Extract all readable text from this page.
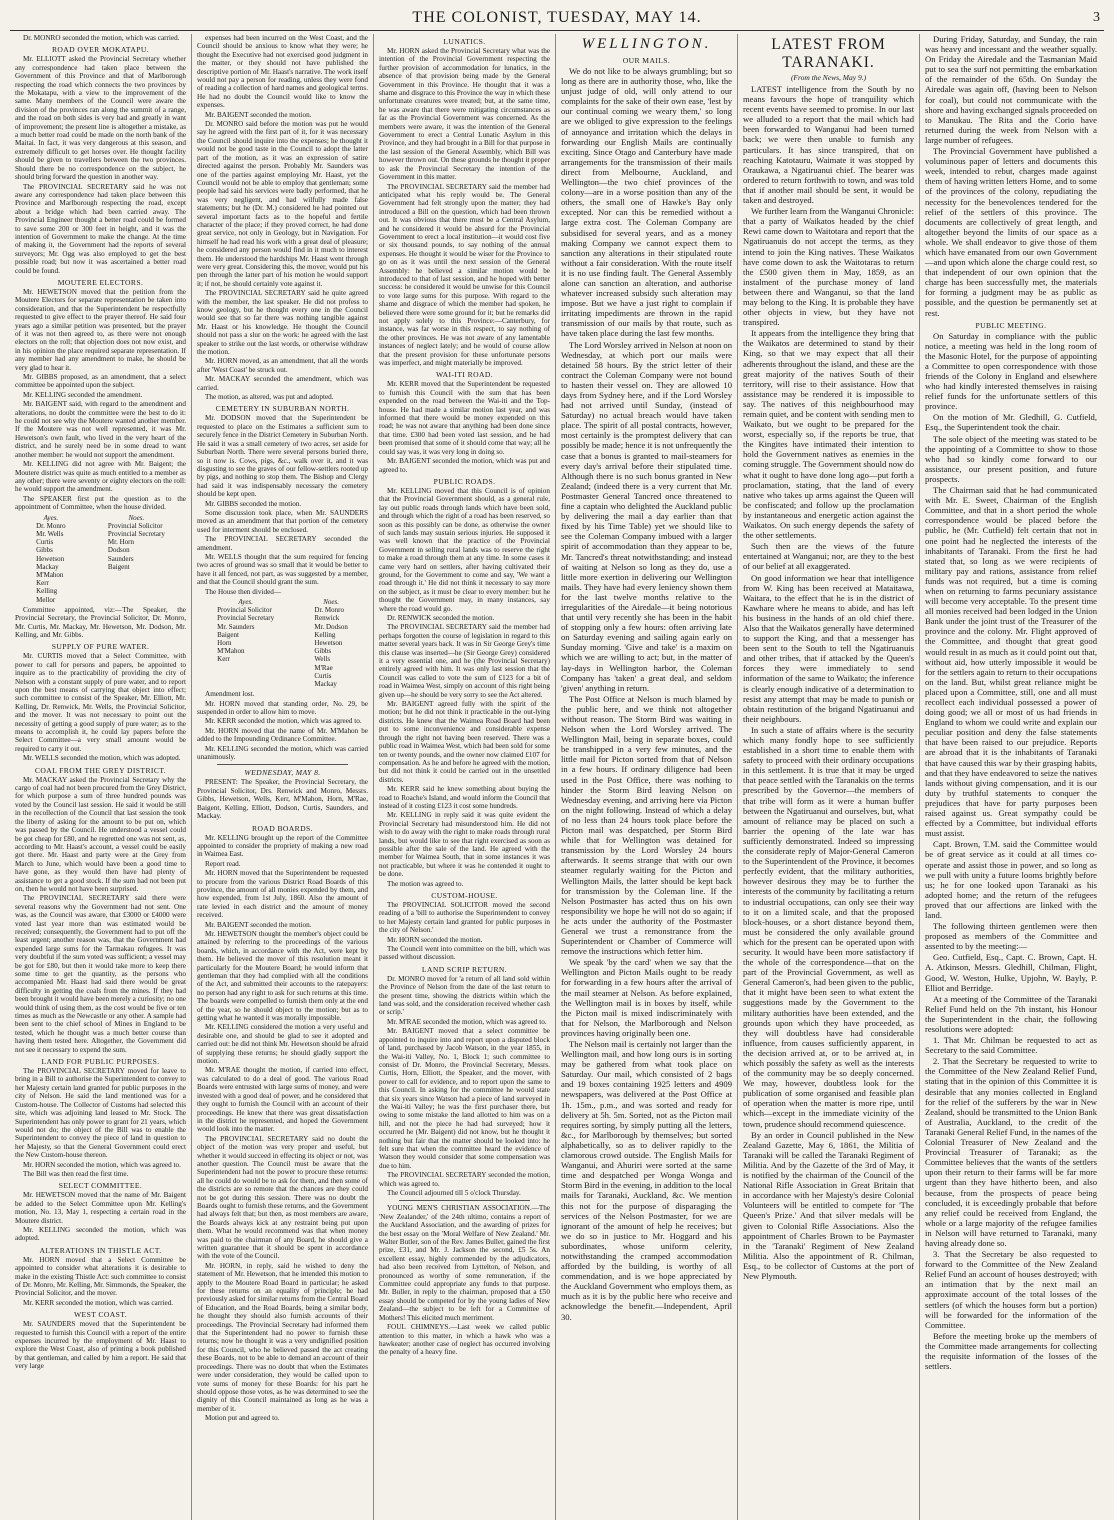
THE COLONIST, TUESDAY, MAY 14.	3

Dr. MONRO seconded the motion, which was carried.

ROAD OVER MOKATAPU.

Mr. ELLIOTT asked the Provincial Secretary whether any correspondence had taken place between the Government of this Province and that of Marlborough respecting the road which connects the two provinces by the Mokatapu, with a view to the improvement of the same. Many members of the Council were aware the division of the provinces ran along the summit of a range, and the road on both sides is very bad and greatly in want of improvement; the present line is altogether a mistake, as a much better road could be made on the north bank of the Maitai. In fact, it was very dangerous at this season, and extremely difficult to get horses over. He thought facility should be given to travellers between the two provinces. Should there be no correspondence on the subject, he should bring forward the question in another way.

The PROVINCIAL SECRETARY said he was not aware any correspondence had taken place between this Province and Marlborough respecting the road, except about a bridge which had been carried away. The Provincial Engineer thought a better road could be formed to save some 200 or 300 feet in height, and it was the intention of Government to make the change. At the time of making it, the Government had the reports of several surveyors; Mr. Ogg was also employed to get the best possible road; but now it was ascertained a better road could be found.

MOUTERE ELECTORS.

Mr. HEWETSON moved that the petition from the Moutere Electors for separate representation be taken into consideration, and that the Superintendent be respectfully requested to give effect to the prayer thereof. He said four years ago a similar petition was presented, but the prayer of it was not then agreed to, as there were not enough electors on the roll; that objection does not now exist, and in his opinion the place required separate representation. If any member had any amendment to make, he should be very glad to hear it.

Mr. GIBBS proposed, as an amendment, that a select committee be appointed upon the subject.

Mr. KELLING seconded the amendment.

Mr. BAIGENT said, with regard to the amendment and alterations, no doubt the committee were the best to do it: he could not see why the Moutere wanted another member. If the Moutere was not well represented, it was Mr. Hewetson's own fault, who lived in the very heart of the district, and he surely need be in some dread to want another member: he would not support the amendment.

Mr. KELLING did not agree with Mr. Baigent; the Moutere district was quite as much entitled to a member as any other; there were seventy or eighty electors on the roll: he would support the amendment.

The SPEAKER first put the question as to the appointment of Committee, when the house divided.

Ayes.
Dr. Monro
Mr. Wells
Curtis
Gibbs
Hewetson
Mackay
M'Mahon
Kerr
Kelling
Mellor
Noes.
Provincial Solicitor
Provincial Secretary
Mr. Horn
Dodson
Saunders
Baigent

Committee appointed, viz:—The Speaker, the Provincial Secretary, the Provincial Solicitor, Dr. Monro, Mr. Curtis, Mr. Mackay, Mr. Hewetson, Mr. Dodson, Mr. Kelling, and Mr. Gibbs.

SUPPLY OF PURE WATER.

Mr. CURTIS moved that a Select Committee, with power to call for persons and papers, be appointed to inquire as to the practicability of providing the city of Nelson with a constant supply of pure water, and to report upon the best means of carrying that object into effect; such committee to consist of the Speaker, Mr. Elliott, Mr. Kelling, Dr. Renwick, Mr. Wells, the Provincial Solicitor, and the mover. It was not necessary to point out the necessity of getting a good supply of pure water; as to the means to accomplish it, he could lay papers before the Select Committee—a very small amount would be required to carry it out.

Mr. WELLS seconded the motion, which was adopted.

COAL FROM THE GREY DISTRICT.

Mr. MACKAY asked the Provincial Secretary why the cargo of coal had not been procured from the Grey District, for which purpose a sum of three hundred pounds was voted by the Council last session. He said it would be still in the recollection of the Council that last session the took the liberty of asking for the amount to be put on, which was passed by the Council. He understood a vessel could be got cheap for £80, and he regretted one was not sent, as, according to Mr. Haast's account, a vessel could be easily got there. Mr. Haast and party were at the Grey from March to June, which would have been a good time to have gone, as they would then have had plenty of assistance to get a good stock. If the sum had not been put on, then he would not have been surprised.

The PROVINCIAL SECRETARY said there were several reasons why the Government had not sent. One was, as the Council was aware, that £3000 or £4000 were voted last year more than was estimated would be received; consequently, the Government had to put off the least urgent; another reason was, that the Government had expended large sums for the Tarmakau refugees. It was very doubtful if the sum voted was sufficient; a vessel may be got for £80, but then it would take more to keep there some time to get the quantity, as the persons who accompanied Mr. Haast had said there would be great difficulty in getting the coals from the mines. If they had been brought it would have been merely a curiosity; no one would think of using them, as the cost would be five or ten times as much as the Newcastle or any other. A sample had been sent to the chief school of Mines in England to be tested, which he thought was a much better course than having them tested here. Altogether, the Government did not see it necessary to expend the sum.

LAND FOR PUBLIC PURPOSES.

The PROVINCIAL SECRETARY moved for leave to bring in a Bill to authorise the Superintendent to convey to her Majesty certain land granted for public purposes in the city of Nelson. He said the land mentioned was for a Custom-house. The Collector of Customs had selected this site, which was adjoining land leased to Mr. Stock. The Superintendent has only power to grant for 21 years, which would not do; the object of the Bill was to enable the Superintendent to convey the piece of land in question to her Majesty, so that the General Government could erect the New Custom-house thereon.

Mr. HORN seconded the motion, which was agreed to.

The Bill was then read the first time.

SELECT COMMITTEE.

Mr. HEWETSON moved that the name of Mr. Baigent be added to the Select Committee upon Mr. Kelling's motion, No. 13, May 1, respecting a certain road in the Moutere district.

Mr. KELLING seconded the motion, which was adopted.

ALTERATIONS IN THISTLE ACT.

Mr. HORN moved that a Select Committee be appointed to consider what alterations it is desirable to make in the existing Thistle Act: such committee to consist of Dr. Monro, Mr. Kelling, Mr. Simmonds, the Speaker, the Provincial Solicitor, and the mover.

Mr. KERR seconded the motion, which was carried.

WEST COAST.

Mr. SAUNDERS moved that the Superintendent be requested to furnish this Council with a report of the entire expenses incurred by the employment of Mr. Haast to explore the West Coast, also of printing a book published by that gentleman, and called by him a report. He said that very large

expenses had been incurred on the West Coast, and the Council should be anxious to know what they were; he thought the Executive had not exercised good judgment in the matter, or they should not have published the descriptive portion of Mr. Haast's narrative. The work itself would not pay a person for reading, unless they were fond of reading a collection of hard names and geological terms. He had no doubt the Council would like to know the expenses.

Mr. BAIGENT seconded the motion.

Dr. MONRO said before the motion was put he would say he agreed with the first part of it, for it was necessary the Council should inquire into the expenses; he thought it would not be good taste in the Council to adopt the latter part of the motion, as it was an expression of satire directed against the person. Probably Mr. Saunders was one of the parties against employing Mr. Haast, yet the Council would not be able to employ that gentleman; some people had said his services were badly performed, that he was very negligent, and had wilfully made false statements; but he (Dr. M.) considered he had pointed out several important facts as to the hopeful and fertile character of the place; if they proved correct, he had done great service, not only in Geology, but in Navigation. For himself he had read his work with a great deal of pleasure; he considered any person would find in it much to interest them. He understood the hardships Mr. Haast went through were very great. Considering this, the mover, would put his pen through the latter part of his motion he would support it; if not, he should certainly vote against it.

The PROVINCIAL SECRETARY said he quite agreed with the member, the last speaker. He did not profess to know geology, but he thought every one in the Council would see that so far there was nothing tangible against Mr. Haast or his knowledge. He thought the Council should not pass a slur on the work: he agreed with the last speaker to strike out the last words, or otherwise withdraw the motion.

Mr. HORN moved, as an amendment, that all the words after 'West Coast' be struck out.

Mr. MACKAY seconded the amendment, which was carried.

The motion, as altered, was put and adopted.

CEMETERY IN SUBURBAN NORTH.

Mr. DODSON moved that the Superintendent be requested to place on the Estimates a sufficient sum to securely fence in the District Cemetery in Suburban North. He said it was a small cemetery of two acres, set aside for Suburban North. There were several persons buried there, so it now is. Cows, pigs, &c., walk over it, and it was disgusting to see the graves of our fellow-settlers rooted up by pigs, and nothing to stop them. The Bishop and Clergy had said it was indispensably necessary the cemetery should be kept open.

Mr. GIBBS seconded the motion.

Some discussion took place, when Mr. SAUNDERS moved as an amendment that that portion of the cemetery used for interment should be enclosed.

The PROVINCIAL SECRETARY seconded the amendment.

Mr. WELLS thought that the sum required for fencing two acres of ground was so small that it would be better to have it all fenced, not part, as was suggested by a member, and that the Council should grant the sum.

The House then divided—

Ayes.
Provincial Solicitor
Provincial Secretary
Mr. Saunders
Baigent
Horn
M'Mahon
Kerr
Noes.
Dr. Monro
Renwick
Mr. Dodson
Kelling
Hewetson
Gibbs
Wells
M'Rae
Curtis
Mackay

Amendment lost.

Mr. HORN moved that standing order, No. 29, be suspended in order to allow him to move.

Mr. KERR seconded the motion, which was agreed to.

Mr. HORN moved that the name of Mr. M'Mahon be added to the Impounding Ordinance Committee.

Mr. KELLING seconded the motion, which was carried unanimously.

WEDNESDAY, MAY 8.

PRESENT: The Speaker, the Provincial Secretary, the Provincial Solicitor, Drs. Renwick and Monro, Messrs. Gibbs, Hewetson, Wells, Kerr, M'Mahon, Horn, M'Rae, Baigent, Kelling, Elliott, Dodson, Curtis, Saunders, and Mackay.

ROAD BOARDS.

Mr. KELLING brought up the report of the Committee appointed to consider the propriety of making a new road in Waimea East.

Report read.

Mr. HORN moved that the Superintendent be requested to procure from the various District Road Boards of this province, the amount of all monies expended by them, and how expended, from 1st July, 1860. Also the amount of rate levied in each district and the amount of money received.

Mr. BAIGENT seconded the motion.

Mr. HEWETSON thought the member's object could be attained by referring to the proceedings of the various boards, which, in accordance with the Act, were kept by them. He believed the mover of this resolution meant it particularly for the Moutere Board; he would inform that gentleman that they had complied with all the conditions of the Act, and submitted their accounts to the ratepayers: no person had any right to ask for such returns at this time. The boards were compelled to furnish them only at the end of the year, so he should object to the motion; but as to getting what he wanted it was morally impossible.

Mr. KELLING considered the motion a very useful and desirable one, and should be glad to see it adopted and carried out: he did not think Mr. Hewetson should be afraid of supplying these returns; he should gladly support the motion.

Mr. M'RAE thought the motion, if carried into effect, was calculated to do a deal of good. The various Road Boards were entrusted with large sums of money, and were invested with a good deal of power, and he considered that they ought to furnish the Council with an account of their proceedings. He knew that there was great dissatisfaction in the district he represented, and hoped the Government would look into the matter.

The PROVINCIAL SECRETARY said no doubt the object of the motion was very proper and useful, but whether it would succeed in effecting its object or not, was another question. The Council must be aware that the Superintendent had not the power to procure these returns: all he could do would be to ask for them, and then some of the districts are so remote that the chances are they could not be got during this session. There was no doubt the Boards ought to furnish these returns, and the Government had always felt that; but then, as most members are aware, the Boards always kick at any restraint being put upon them. What he would recommend was that when money was paid to the chairman of any Board, he should give a written guarantee that it should be spent in accordance with the vote of the Council.

Mr. HORN, in reply, said he wished to deny the statement of Mr. Hewetson, that he intended this motion to apply to the Moutere Road Board in particular; he asked for these returns on an equality of principle; he had previously asked for similar returns from the Central Board of Education, and the Road Boards, being a similar body, he thought they should also furnish accounts of their proceedings. The Provincial Secretary had informed them that the Superintendent had no power to furnish these returns; now he thought it was a very undignified position for this Council, who he believed passed the act creating these Boards, not to be able to demand an account of their proceedings. There was no doubt that when the Estimates were under consideration, they would be called upon to vote sums of money for these Boards: for his part he should oppose those votes, as he was determined to see the dignity of this Council maintained as long as he was a member of it.

Motion put and agreed to.

LUNATICS.

Mr. HORN asked the Provincial Secretary what was the intention of the Provincial Government respecting the further provision of accommodation for lunatics, in the absence of that provision being made by the General Government in this Province. He thought that it was a shame and disgrace to this Province the way in which these unfortunate creatures were treated; but, at the same time, he was aware that there were mitigating circumstances as far as the Provincial Government was concerned. As the members were aware, it was the intention of the General Government to erect a Central Lunatic Asylum in this Province, and they had brought in a Bill for that purpose in the last session of the General Assembly, which Bill was however thrown out. On these grounds he thought it proper to ask the Provincial Secretary the intention of the Government in this matter.

The PROVINCIAL SECRETARY said the member had anticipated what his reply would be. The General Government had felt strongly upon the matter; they had introduced a Bill on the question, which had been thrown out. It was obvious that there must be a Central Asylum, and he considered it would be absurd for the Provincial Government to erect a local institution—it would cost five or six thousand pounds, to say nothing of the annual expenses. He thought it would be wiser for the Province to go on as it was until the next session of the General Assembly: he believed a similar motion would be introduced to that of last session, and he hoped with better success: he considered it would be unwise for this Council to vote large sums for this purpose. With regard to the shame and disgrace of which the member had spoken, he believed there were some ground for it; but he remarks did not apply solely to this Province:—Canterbury, for instance, was far worse in this respect, to say nothing of the other provinces. He was not aware of any lamentable instances of neglect lately; and he would of course allow that the present provision for these unfortunate persons was imperfect, and might materially be improved.

WAI-ITI ROAD.

Mr. KERR moved that the Superintendent be requested to furnish this Council with the sum that has been expended on the road between the Wai-iti and the Top-house. He had made a similar motion last year, and was informed that there would be money expended on this road; he was not aware that anything had been done since that time. £300 had been voted last session, and he had been promised that some of it should come that way; all he could say was, it was very long in doing so.

Mr. BAIGENT seconded the motion, which was put and agreed to.

PUBLIC ROADS.

Mr. KELLING moved that this Council is of opinion that the Provincial Government should, as a general rule, lay out public roads through lands which have been sold, and through which the right of a road has been reserved, so soon as this possibly can be done, as otherwise the owner of such lands may sustain serious injuries. He supposed it was well known that the practice of the Provincial Government in selling rural lands was to reserve the right to make a road through them at any time. In some cases it came very hard on settlers, after having cultivated their ground, for the Government to come and say, 'We want a road through it.' He did not think it necessary to say more on the subject, as it must be clear to every member: but he thought the Government may, in many instances, say where the road would go.

Dr. RENWICK seconded the motion.

The PROVINCIAL SECRETARY said the member had perhaps forgotten the course of legislation in regard to this matter several years back. It was in Sir George Grey's time this clause was inserted—he (Sir George Grey) considered it a very essential one, and he (the Provincial Secretary) entirely agreed with him. It was only last session that the Council was called to vote the sum of £123 for a bit of road in Waimea West, simply on account of this right being given up—he should be very sorry to see the Act altered.

Mr. BAIGENT agreed fully with the spirit of the motion; but he did not think it practicable in the out-lying districts. He knew that the Waimea Road Board had been put to some inconvenience and considerable expense through the right not having been reserved. There was a public road in Waimea West, which had been sold for some ten or twenty pounds, and the owner now claimed £107 for compensation. As he and before he agreed with the motion, but did not think it could be carried out in the unsettled districts.

Mr. KERR said he knew something about buying the road to Roache's Island, and would inform the Council that instead of it costing £123 it cost some hundreds.

Mr. KELLING in reply said it was quite evident the Provincial Secretary had misunderstood him. He did not wish to do away with the right to make roads through rural lands, but would like to see that right exercised as soon as possible after the sale of the land. He agreed with the member for Waimea South, that in some instances it was not practicable, but where it was he contended it ought to be done.

The motion was agreed to.

CUSTOM-HOUSE.

The PROVINCIAL SOLICITOR moved the second reading of a 'bill to authorise the Superintendent to convey to her Majesty certain land granted for public purposes in the city of Nelson.'

Mr. HORN seconded the motion.

The Council went into committee on the bill, which was passed without discussion.

LAND SCRIP RETURN.

Dr. MONRO moved for 'a return of all land sold within the Province of Nelson from the date of the last return to the present time, showing the districts within which the land was sold, and the consideration received whether cash or scrip.'

Mr. M'RAE seconded the motion, which was agreed to.

Mr. BAIGENT moved that a select committee be appointed to inquire into and report upon a disputed block of land, purchased by Jacob Watson, in the year 1855, in the Wai-iti Valley, No. 1, Block 1; such committee to consist of Dr. Monro, the Provincial Secretary, Messrs. Curtis, Horn, Elliott, the Speaker, and the mover, with power to call for evidence, and to report upon the same to this Council. In asking for the committee he would state that six years since Watson had a piece of land surveyed in the Wai-iti Valley; he was the first purchaser there, but owing to some mistake the land allotted to him was on a hill, and not the piece he had had surveyed; how it occurred he (Mr. Baigent) did not know, but he thought it nothing but fair that the matter should be looked into: he felt sure that when the committee heard the evidence of Watson they would consider that some compensation was due to him.

The PROVINCIAL SECRETARY seconded the motion, which was agreed to.

The Council adjourned till 5 o'clock Thursday.

YOUNG MEN'S CHRISTIAN ASSOCIATION.—The 'New Zealander,' of the 24th ultimo, contains a report of the Auckland Association, and the awarding of prizes for the best essay on the 'Moral Welfare of New Zealand.' Mr. Walter Butler, son of the Rev. James Buller, gained the first prize, £31, and Mr. J. Jackson the second, £5 5s. An excellent essay, highly commended by the adjudicators, had also been received from Lyttelton, of Nelson, and pronounced as worthy of some remuneration, if the Committee could appropriate any funds to that purpose. Mr. Buller, in reply to the chairman, proposed that a £50 essay should be competed for by the young ladies of New Zealand—the subject to be left for a Committee of Mothers! This elicited much merriment.

FOUL CHIMNEYS.—Last week we called public attention to this matter, in which a hawk who was a hawkeater; another case of neglect has occurred involving the penalty of a heavy fine.

WELLINGTON.
OUR MAILS.

We do not like to be always grumbling; but so long as there are in authority those, who, like the unjust judge of old, will only attend to our complaints for the sake of their own ease, 'lest by our continual coming we weary them,' so long are we obliged to give expression to the feelings of annoyance and irritation which the delays in forwarding our English Mails are continually exciting. Since Otago and Canterbury have made arrangements for the transmission of their mails direct from Melbourne, Auckland, and Wellington—the two chief provinces of the colony—are in a worse position than any of the others, the small one of Hawke's Bay only excepted. Nor can this be remedied without a large extra cost. The Coleman Company are subsidised for several years, and as a money making Company we cannot expect them to sanction any alterations in their stipulated route without a fair consideration. With the route itself it is no use finding fault. The General Assembly alone can sanction an alteration, and authorise whatever increased subsidy such alteration may impose. But we have a just right to complain if irritating impediments are thrown in the rapid transmission of our mails by that route, such as have taken place during the last few months.

The Lord Worsley arrived in Nelson at noon on Wednesday, at which port our mails were detained 58 hours. By the strict letter of their contract the Coleman Company were not bound to hasten their vessel on. They are allowed 10 days from Sydney here, and if the Lord Worsley had not arrived until Sunday, (instead of Saturday) no actual breach would have taken place. The spirit of all postal contracts, however, most certainly is the promptest delivery that can possibly be made; hence it is not unfrequently the case that a bonus is granted to mail-steamers for every day's arrival before their stipulated time. Although there is no such bonus granted in New Zealand; (indeed there is a very current that Mr. Postmaster General Tancred once threatened to fine a captain who delighted the Auckland public by delivering the mail a day earlier than that fixed by his Time Table) yet we should like to see the Coleman Company imbued with a larger spirit of accommodation than they appear to be, Mr. Tancred's threat notwithstanding; and instead of waiting at Nelson so long as they do, use a little more exertion in delivering our Wellington mails. They have had every leniency shown them for the last twelve months relative to the irregularities of the Airedale—it being notorious that until very recently she has been in the habit of stopping only a few hours: often arriving late on Saturday evening and sailing again early on Sunday morning. 'Give and take' is a maxim on which we are willing to act; but, in the matter of lay-days in Wellington harbor, the Coleman Company has 'taken' a great deal, and seldom 'given' anything in return.

The Post Office at Nelson is much blamed by the public here, and we think not altogether without reason. The Storm Bird was waiting in Nelson when the Lord Worsley arrived. The Wellington Mail, being in separate boxes, could be transhipped in a very few minutes, and the little mail for Picton sorted from that of Nelson in a few hours. If ordinary diligence had been used in the Post Office, there was nothing to hinder the Storm Bird leaving Nelson on Wednesday evening, and arriving here via Picton on the night following. Instead of which a delay of no less than 24 hours took place before the Picton mail was despatched, per Storm Bird while that for Wellington was detained for transmission by the Lord Worsley 24 hours afterwards. It seems strange that with our own steamer regularly waiting for the Picton and Wellington Mails, the latter should be kept back for transmission by the Coleman line. If the Nelson Postmaster has acted thus on his own responsibility we hope he will not do so again; if he acts under the authority of the Postmaster General we trust a remonstrance from the Superintendent or Chamber of Commerce will remove the instructions which fetter him.

We speak 'by the card' when we say that the Wellington and Picton Mails ought to be ready for forwarding in a few hours after the arrival of the mail steamer at Nelson. As before explained, the Wellington mail is in boxes by itself, while the Picton mail is mixed indiscriminately with that for Nelson, the Marlborough and Nelson provinces having originally been one.

The Nelson mail is certainly not larger than the Wellington mail, and how long ours is in sorting may be gathered from what took place on Saturday. Our mail, which consisted of 2 bags and 19 boxes containing 1925 letters and 4909 newspapers, was delivered at the Post Office at 1h. 15m., p.m., and was sorted and ready for delivery at 5h. 5m. Sorted, not as the Picton mail requires sorting, by simply putting all the letters, &c., for Marlborough by themselves; but sorted alphabetically, so as to deliver rapidly to the clamorous crowd outside. The English Mails for Wanganui, and Ahuriri were sorted at the same time and despatched per Wonga Wonga and Storm Bird in the evening, in addition to the local mails for Taranaki, Auckland, &c. We mention this not for the purpose of disparaging the services of the Nelson Postmaster, for we are ignorant of the amount of help he receives; but we do so in justice to Mr. Hoggard and his subordinates, whose uniform celerity, notwithstanding the cramped accommodation afforded by the building, is worthy of all commendation, and is we hope appreciated by the Auckland Government who employs them, as much as it is by the public here who receive and acknowledge the benefit.—Independent, April 30.

LATEST FROM TARANAKI.
(From the News, May 9.)

LATEST intelligence from the South by no means favours the hope of tranquility which recent events have seemed to promise. In our last we alluded to a report that the mail which had been forwarded to Wanganui had been turned back; we were then unable to furnish any particulars. It has since transpired, that on reaching Katotauru, Waimate it was stopped by Oraukawa, a Ngatiruanui chief. The bearer was ordered to return forthwith to town, and was told that if another mail should be sent, it would be taken and destroyed.

We further learn from the Wanganui Chronicle: that a party of Waikatos headed by the chief Rewi came down to Waitotara and report that the Ngatiruanuis do not accept the terms, as they intend to join the King natives. These Waikatos have come down to ask the Waitotaras to return the £500 given them in May, 1859, as an instalment of the purchase money of land between there and Wanganui, so that the land may belong to the King. It is probable they have other objects in view, but they have not transpired.

It appears from the intelligence they bring that the Waikatos are determined to stand by their King, so that we may expect that all their adherents throughout the island, and these are the great majority of the natives South of their territory, will rise to their assistance. How that assistance may be rendered it is impossible to say. The natives of this neighbourhood may remain quiet, and be content with sending men to Waikato, but we ought to be prepared for the worst, especially so, if the reports be true, that the Kingites have intimated their intention to hold the Government natives as enemies in the coming struggle. The Government should now do what it ought to have done long ago—put forth a proclamation, stating, that the land of every native who takes up arms against the Queen will be confiscated; and follow up the proclamation by instantaneous and energetic action against the Waikatos. On such energy depends the safety of the other settlements.

Such then are the views of the future entertained at Wanganui; nor, are they to the best of our belief at all exaggerated.

On good information we hear that intelligence from W. King has been received at Mataitawa, Waitara, to the effect that he is in the district of Kawhare where he means to abide, and has left his business in the hands of an old chief there. Also that the Waikatos generally have determined to support the King, and that a messenger has been sent to the South to tell the Ngatiruanuis and other tribes, that if attacked by the Queen's forces they were immediately to send information of the same to Waikato; the inference is clearly enough indicative of a determination to resist any attempt that may be made to punish or obtain restitution of the brigand Ngatiruanui and their neighbours.

In such a state of affairs where is the security which many fondly hope to see sufficiently established in a short time to enable them with safety to proceed with their ordinary occupations in this settlement. It is true that it may be urged that peace settled with the Taranakis on the terms prescribed by the Governor—the members of that tribe will form as it were a human buffer between the Ngatiruanui and ourselves, but, what amount of reliance may be placed on such a barrier the opening of the late war has sufficiently demonstrated. Indeed so impressing the considerate reply of Major-General Cameron to the Superintendent of the Province, it becomes perfectly evident, that the military authorities, however desirous they may be to further the interests of the community by facilitating a return to industrial occupations, can only see their way to it on a limited scale, and that the proposed block-houses, or a short distance beyond them, must be considered the only available ground which for the present can be operated upon with security. It would have been more satisfactory if the whole of the correspondence—that on the part of the Provincial Government, as well as General Cameron's, had been given to the public, that it might have been seen to what extent the suggestions made by the Government to the military authorities have been extended, and the grounds upon which they have proceeded, as they will doubtless have had considerable influence, from causes sufficiently apparent, in the decision arrived at, or to be arrived at, in which possibly the safety as well as the interests of the community may be so deeply concerned. We may, however, doubtless look for the publication of some organised and feasible plan of operation when the matter is more ripe, until which—except in the immediate vicinity of the town, prudence should recommend quiescence.

By an order in Council published in the New Zealand Gazette, May 6, 1861, the Militia of Taranaki will be called the Taranaki Regiment of Militia. And by the Gazette of the 3rd of May, it is notified by the chairman of the Council of the National Rifle Association in Great Britain that in accordance with her Majesty's desire Colonial Volunteers will be entitled to compete for 'The Queen's Prize.' And that silver medals will be given to Colonial Rifle Associations. Also the appointment of Charles Brown to be Paymaster in the 'Taranaki' Regiment of New Zealand Militia. Also the appointment of R. Chilman, Esq., to be collector of Customs at the port of New Plymouth.

During Friday, Saturday, and Sunday, the rain was heavy and incessant and the weather squally. On Friday the Airedale and the Tasmanian Maid put to sea the surf not permitting the embarkation of the remainder of the 65th. On Sunday the Airedale was again off, (having been to Nelson for coal), but could not communicate with the shore and having exchanged signals proceeded on to Manukau. The Rita and the Corio have returned during the week from Nelson with a large number of refugees.

The Provincial Government have published a voluminous paper of letters and documents this week, intended to rebut, charges made against them of having written letters Home, and to some of the provinces of the colony, repudiating the necessity for the benevolences tendered for the relief of the settlers of this province. The documents are collectively of great length, and altogether beyond the limits of our space as a whole. We shall endeavor to give those of them which have emanated from our own Government—and upon which alone the charge could rest, so that independent of our own opinion that the charge has been successfully met, the materials for forming a judgment may be as public as possible, and the question be permanently set at rest.

PUBLIC MEETING.

On Saturday in compliance with the public notice, a meeting was held in the long room of the Masonic Hotel, for the purpose of appointing a Committee to open correspondence with those friends of the Colony in England and elsewhere who had kindly interested themselves in raising relief funds for the unfortunate settlers of this province.

On the motion of Mr. Gledhill, G. Cutfield, Esq., the Superintendent took the chair.

The sole object of the meeting was stated to be the appointing of a Committee to show to those who had so kindly come forward to our assistance, our present position, and future prospects.

The Chairman said that he had communicated with Mr. E. Sweet, Chairman of the English Committee, and that in a short period the whole correspondence would be placed before the public, he (Mr. Cutfield) felt certain that not in one point had he neglected the interests of the inhabitants of Taranaki. From the first he had stated that, so long as we were recipients of military pay and rations, assistance from relief funds was not required, but a time is coming when on returning to farms pecuniary assistance will become very acceptable. To the present time all monies received had been lodged in the Union Bank under the joint trust of the Treasurer of the province and the colony. Mr. Flight approved of the Committee, and thought that great good would result in as much as it could point out that, without aid, how utterly impossible it would be for the settlers again to return to their occupations on the land. But, whilst great reliance might be placed upon a Committee, still, one and all must recollect each individual possessed a power of doing good; we all or most of us had friends in England to whom we could write and explain our peculiar position and deny the false statements that have been raised to our prejudice. Reports are abroad that it is the inhabitants of Taranaki that have caused this war by their grasping habits, and that they have endeavored to seize the natives lands without giving compensation, and it is our duty by truthful statements to conquer the prejudices that have for party purposes been raised against us. Great sympathy could be effected by a Committee, but individual efforts must assist.

Capt. Brown, T.M. said the Committee would be of great service as it could at all times co-operate and assist those in power, and so long as we pull with unity a future looms brightly before us; he for one looked upon Taranaki as his adopted home; and the return of the refugees proved that our affections are linked with the land.

The following thirteen gentlemen were then proposed as members of the Committee and assented to by the meeting:—

Geo. Cutfield, Esq., Capt. C. Brown, Capt. H. A. Atkinson, Messrs. Gledhill, Chilman, Flight, Good, W. Weston, Hulke, Upjohn, W. Bayly, P. Elliot and Berridge.

At a meeting of the Committee of the Taranaki Relief Fund held on the 7th instant, his Honour the Superintendent in the chair, the following resolutions were adopted:

1. That Mr. Chilman be requested to act as Secretary to the said Committee.

2. That the Secretary be requested to write to the Committee of the New Zealand Relief Fund, stating that in the opinion of this Committee it is desirable that any monies collected in England for the relief of the sufferers by the war in New Zealand, should be transmitted to the Union Bank of Australia, Auckland, to the credit of the Taranaki General Relief Fund, in the names of the Colonial Treasurer of New Zealand and the Provincial Treasurer of Taranaki; as the Committee believes that the wants of the settlers upon their return to their farms will be far more urgent than they have hitherto been, and also because, from the prospects of peace being concluded, it is exceedingly probable that before any relief could be received from England, the whole or a large majority of the refugee families in Nelson will have returned to Taranaki, many having already done so.

3. That the Secretary be also requested to forward to the Committee of the New Zealand Relief Fund an account of houses destroyed; with an intimation that by the next mail an approximate account of the total losses of the settlers (of which the houses form but a portion) will be forwarded for the information of the Committee.

Before the meeting broke up the members of the Committee made arrangements for collecting the requisite information of the losses of the settlers.
